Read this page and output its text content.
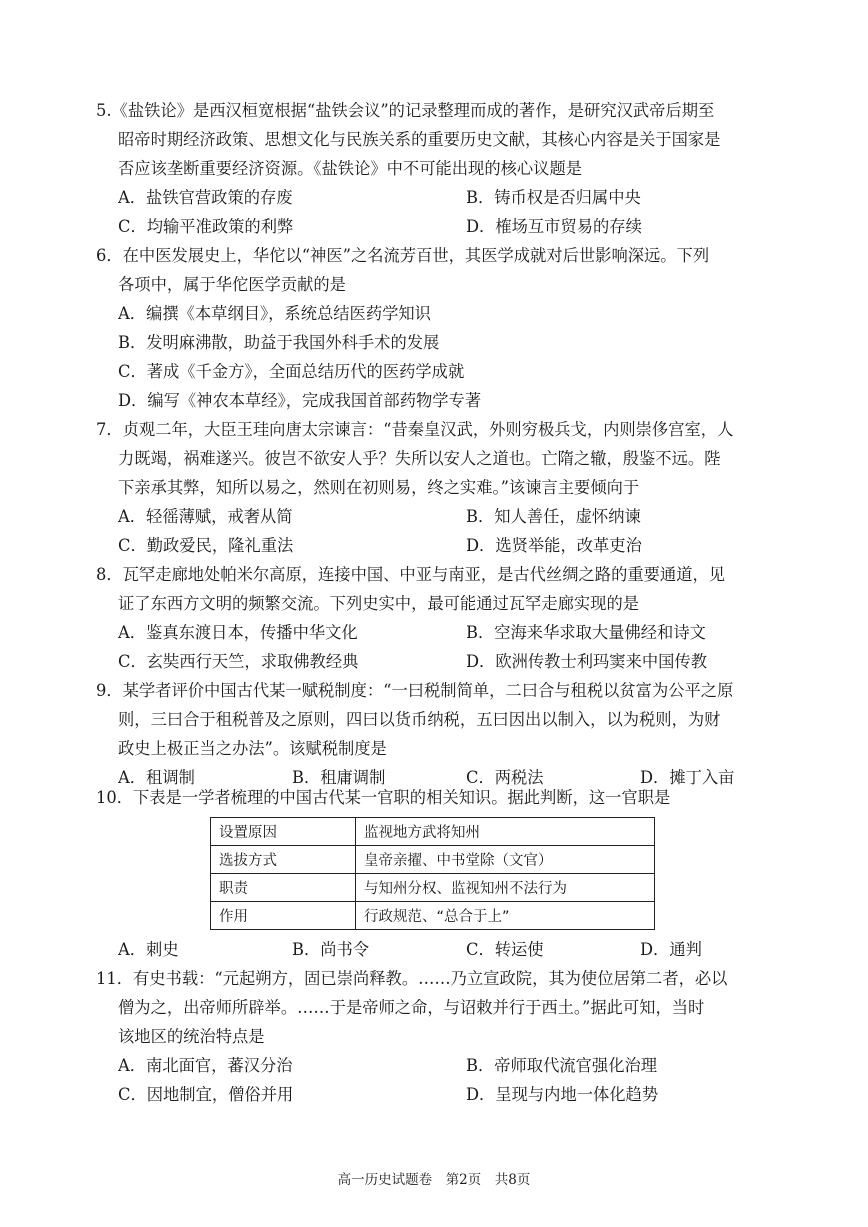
5.《盐铁论》是西汉桓宽根据“盐铁会议”的记录整理而成的著作，是研究汉武帝后期至

昭帝时期经济政策、思想文化与民族关系的重要历史文献，其核心内容是关于国家是

否应该垄断重要经济资源。《盐铁论》中不可能出现的核心议题是

A．盐铁官营政策的存废	B．铸币权是否归属中央
C．均输平准政策的利弊	D．榷场互市贸易的存续

6．在中医发展史上，华佗以“神医”之名流芳百世，其医学成就对后世影响深远。下列

各项中，属于华佗医学贡献的是

A．编撰《本草纲目》，系统总结医药学知识

B．发明麻沸散，助益于我国外科手术的发展

C．著成《千金方》，全面总结历代的医药学成就

D．编写《神农本草经》，完成我国首部药物学专著

7．贞观二年，大臣王珪向唐太宗谏言：“昔秦皇汉武，外则穷极兵戈，内则崇侈宫室，人

力既竭，祸难遂兴。彼岂不欲安人乎？失所以安人之道也。亡隋之辙，殷鉴不远。陛

下亲承其弊，知所以易之，然则在初则易，终之实难。”该谏言主要倾向于

A．轻徭薄赋，戒奢从简	B．知人善任，虚怀纳谏
C．勤政爱民，隆礼重法	D．选贤举能，改革吏治

8．瓦罕走廊地处帕米尔高原，连接中国、中亚与南亚，是古代丝绸之路的重要通道，见

证了东西方文明的频繁交流。下列史实中，最可能通过瓦罕走廊实现的是

A．鉴真东渡日本，传播中华文化	B．空海来华求取大量佛经和诗文
C．玄奘西行天竺，求取佛教经典	D．欧洲传教士利玛窦来中国传教

9．某学者评价中国古代某一赋税制度：“一曰税制简单，二曰合与租税以贫富为公平之原

则，三曰合于租税普及之原则，四曰以货币纳税，五曰因出以制入，以为税则，为财

政史上极正当之办法”。该赋税制度是

A．租调制	B．租庸调制	C．两税法	D．摊丁入亩

10．下表是一学者梳理的中国古代某一官职的相关知识。据此判断，这一官职是

设置原因	监视地方武将知州
选拔方式	皇帝亲擢、中书堂除（文官）
职责	与知州分权、监视知州不法行为
作用	行政规范、“总合于上”
A．刺史	B．尚书令	C．转运使	D．通判

11．有史书载：“元起朔方，固已崇尚释教。……乃立宣政院，其为使位居第二者，必以

僧为之，出帝师所辟举。……于是帝师之命，与诏敕并行于西土。”据此可知，当时

该地区的统治特点是

A．南北面官，蕃汉分治	B．帝师取代流官强化治理
C．因地制宜，僧俗并用	D．呈现与内地一体化趋势
高一历史试题卷　第2页　共8页
